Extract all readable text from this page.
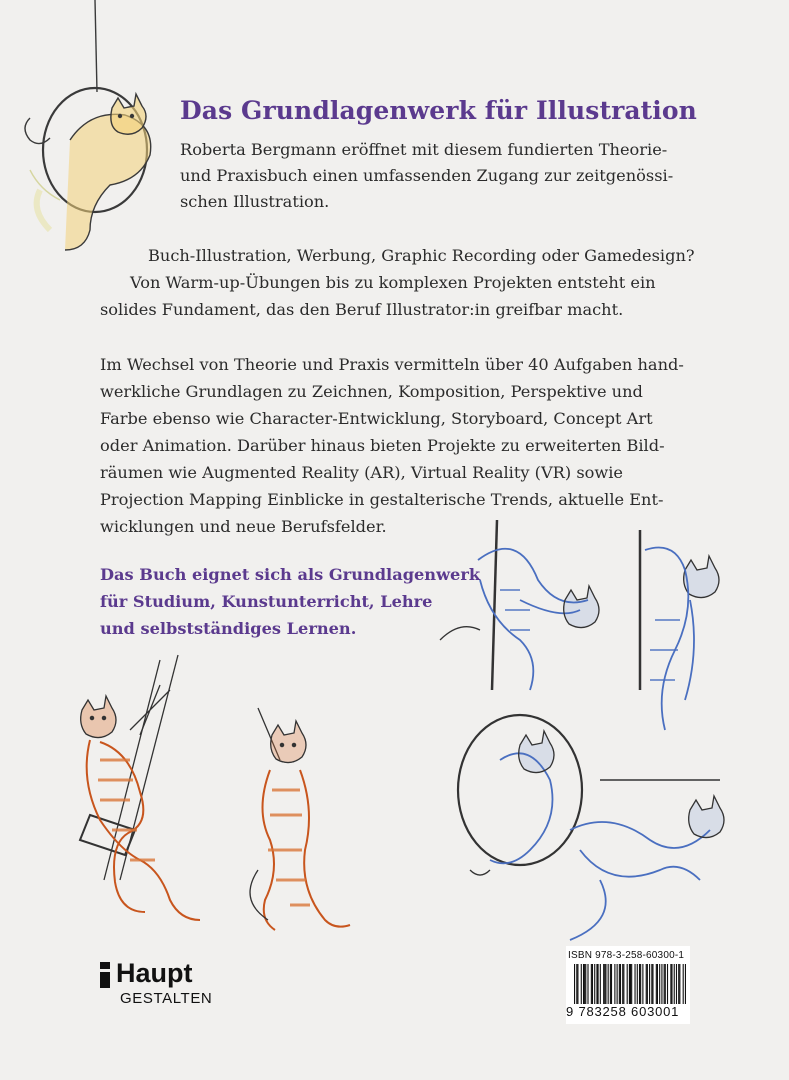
Das Grundlagenwerk für Illustration
Roberta Bergmann eröffnet mit diesem fundierten Theorie-
und Praxisbuch einen umfassenden Zugang zur zeitgenössi-
schen Illustration.
Buch-Illustration, Werbung, Graphic Recording oder Gamedesign?
Von Warm-up-Übungen bis zu komplexen Projekten entsteht ein
solides Fundament, das den Beruf Illustrator:in greifbar macht.
Im Wechsel von Theorie und Praxis vermitteln über 40 Aufgaben hand-
werkliche Grundlagen zu Zeichnen, Komposition, Perspektive und
Farbe ebenso wie Character-Entwicklung, Storyboard, Concept Art
oder Animation. Darüber hinaus bieten Projekte zu erweiterten Bild-
räumen wie Augmented Reality (AR), Virtual Reality (VR) sowie
Projection Mapping Einblicke in gestalterische Trends, aktuelle Ent-
wicklungen und neue Berufsfelder.
Das Buch eignet sich als Grundlagenwerk
für Studium, Kunstunterricht, Lehre
und selbstständiges Lernen.
Haupt
GESTALTEN
ISBN 978-3-258-60300-1
9 783258 603001
